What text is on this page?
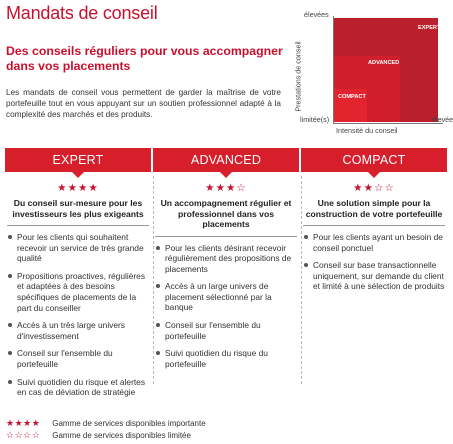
Mandats de conseil
Des conseils réguliers pour vous accompagner dans vos placements
Les mandats de conseil vous permettent de garder la maîtrise de votre portefeuille tout en vous appuyant sur un soutien professionnel adapté à la complexité des marchés et des produits.
élevées
Prestations de conseil
EXPERT
ADVANCED
COMPACT
limitée(s)	élevée
Intensité du conseil
EXPERT
★★★★
Du conseil sur-mesure pour les investisseurs les plus exigeants
Pour les clients qui souhaitent recevoir un service de très grande qualité
Propositions proactives, régulières et adaptées à des besoins spécifiques de placements de la part du conseiller
Accès à un très large univers d'investissement
Conseil sur l'ensemble du portefeuille
Suivi quotidien du risque et alertes en cas de déviation de stratégie
ADVANCED
★★★☆
Un accompagnement régulier et professionnel dans vos placements
Pour les clients désirant recevoir régulièrement des propositions de placements
Accès à un large univers de placement sélectionné par la banque
Conseil sur l'ensemble du portefeuille
Suivi quotidien du risque du portefeuille
COMPACT
★★☆☆
Une solution simple pour la construction de votre portefeuille
Pour les clients ayant un besoin de conseil ponctuel
Conseil sur base transactionnelle uniquement, sur demande du client et limité à une sélection de produits
★★★★ Gamme de services disponibles importante
☆☆☆☆ Gamme de services disponibles limitée
